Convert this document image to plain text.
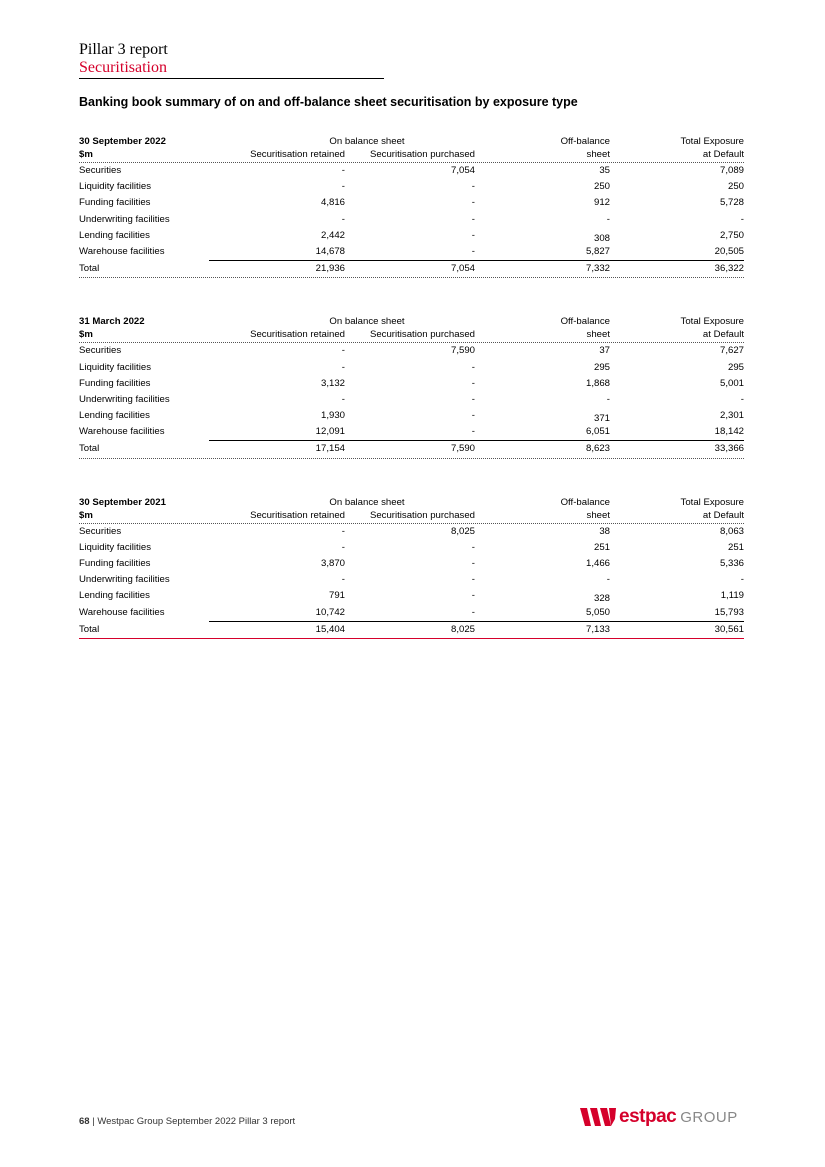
Pillar 3 report
Securitisation
Banking book summary of on and off-balance sheet securitisation by exposure type
30 September 2022
$m
On balance sheet
Securitisation retained	Securitisation purchased
Off-balance
sheet
Total Exposure
at Default
Securities	-	7,054	35	7,089
Liquidity facilities	-	-	250	250
Funding facilities	4,816	-	912	5,728
Underwriting facilities	-	-	-	-
Lending facilities	2,442	-	308	2,750
Warehouse facilities	14,678	-	5,827	20,505
Total	21,936	7,054	7,332	36,322
31 March 2022
$m
On balance sheet
Securitisation retained	Securitisation purchased
Off-balance
sheet
Total Exposure
at Default
Securities	-	7,590	37	7,627
Liquidity facilities	-	-	295	295
Funding facilities	3,132	-	1,868	5,001
Underwriting facilities	-	-	-	-
Lending facilities	1,930	-	371	2,301
Warehouse facilities	12,091	-	6,051	18,142
Total	17,154	7,590	8,623	33,366
30 September 2021
$m
On balance sheet
Securitisation retained	Securitisation purchased
Off-balance
sheet
Total Exposure
at Default
Securities	-	8,025	38	8,063
Liquidity facilities	-	-	251	251
Funding facilities	3,870	-	1,466	5,336
Underwriting facilities	-	-	-	-
Lending facilities	791	-	328	1,119
Warehouse facilities	10,742	-	5,050	15,793
Total	15,404	8,025	7,133	30,561
68 | Westpac Group September 2022 Pillar 3 report	estpac GROUP
